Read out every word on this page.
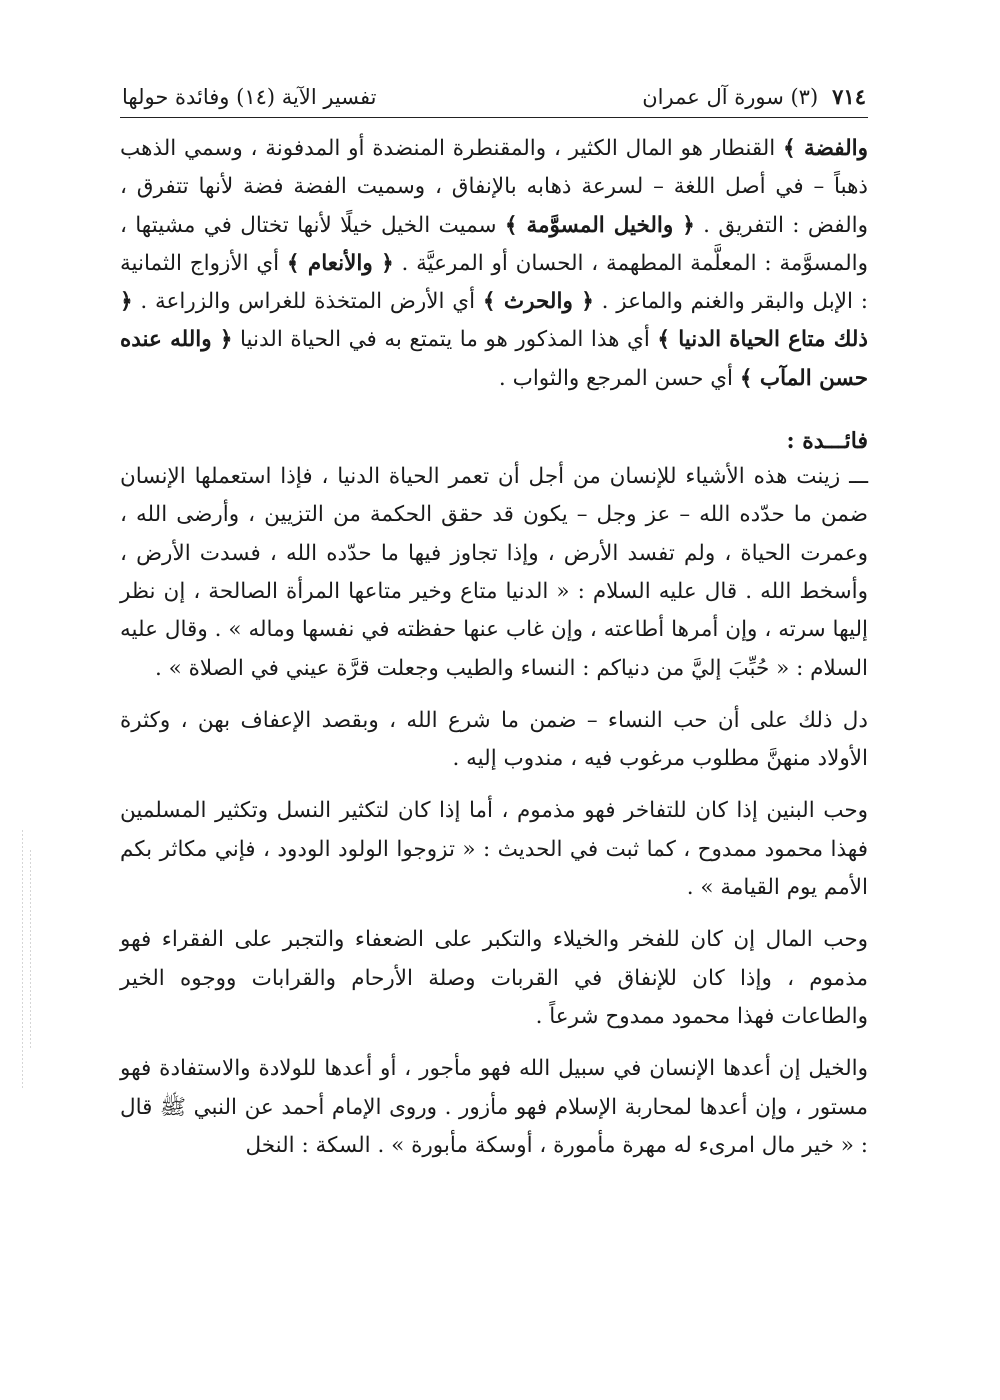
٧١٤
(٣) سورة آل عمران
تفسير الآية (١٤) وفائدة حولها

والفضة ﴾ القنطار هو المال الكثير ، والمقنطرة المنضدة أو المدفونة ، وسمي الذهب ذهباً – في أصل اللغة – لسرعة ذهابه بالإنفاق ، وسميت الفضة فضة لأنها تتفرق ، والفض : التفريق . ﴿ والخيل المسوَّمة ﴾ سميت الخيل خيلًا لأنها تختال في مشيتها ، والمسوَّمة : المعلَّمة المطهمة ، الحسان أو المرعيَّة . ﴿ والأنعام ﴾ أي الأزواج الثمانية : الإبل والبقر والغنم والماعز . ﴿ والحرث ﴾ أي الأرض المتخذة للغراس والزراعة . ﴿ ذلك متاع الحياة الدنيا ﴾ أي هذا المذكور هو ما يتمتع به في الحياة الدنيا ﴿ والله عنده حسن المآب ﴾ أي حسن المرجع والثواب .

فائـــدة :

ـــ زينت هذه الأشياء للإنسان من أجل أن تعمر الحياة الدنيا ، فإذا استعملها الإنسان ضمن ما حدّده الله – عز وجل – يكون قد حقق الحكمة من التزيين ، وأرضى الله ، وعمرت الحياة ، ولم تفسد الأرض ، وإذا تجاوز فيها ما حدّده الله ، فسدت الأرض ، وأسخط الله . قال عليه السلام : « الدنيا متاع وخير متاعها المرأة الصالحة ، إن نظر إليها سرته ، وإن أمرها أطاعته ، وإن غاب عنها حفظته في نفسها وماله » . وقال عليه السلام : « حُبِّبَ إليَّ من دنياكم : النساء والطيب وجعلت قرَّة عيني في الصلاة » .

دل ذلك على أن حب النساء – ضمن ما شرع الله ، وبقصد الإعفاف بهن ، وكثرة الأولاد منهنَّ مطلوب مرغوب فيه ، مندوب إليه .

وحب البنين إذا كان للتفاخر فهو مذموم ، أما إذا كان لتكثير النسل وتكثير المسلمين فهذا محمود ممدوح ، كما ثبت في الحديث : « تزوجوا الولود الودود ، فإني مكاثر بكم الأمم يوم القيامة » .

وحب المال إن كان للفخر والخيلاء والتكبر على الضعفاء والتجبر على الفقراء فهو مذموم ، وإذا كان للإنفاق في القربات وصلة الأرحام والقرابات ووجوه الخير والطاعات فهذا محمود ممدوح شرعاً .

والخيل إن أعدها الإنسان في سبيل الله فهو مأجور ، أو أعدها للولادة والاستفادة فهو مستور ، وإن أعدها لمحاربة الإسلام فهو مأزور . وروى الإمام أحمد عن النبي ﷺ قال : « خير مال امرىء له مهرة مأمورة ، أوسكة مأبورة » . السكة : النخل
